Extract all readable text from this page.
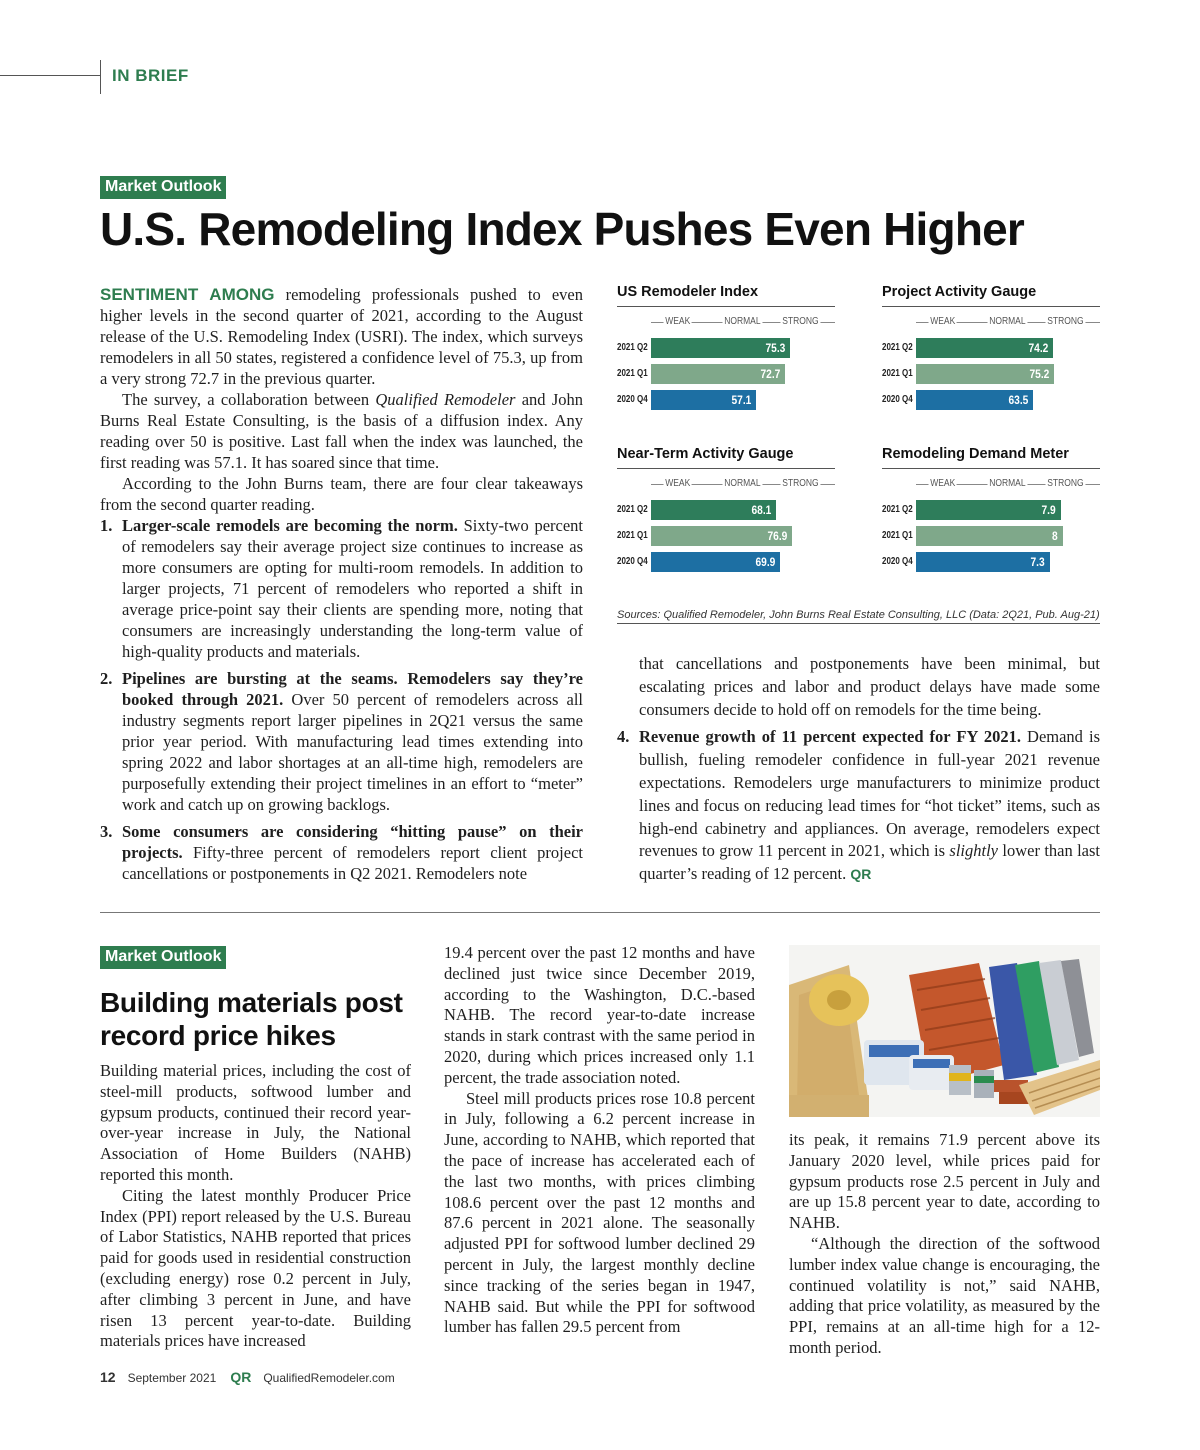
IN BRIEF
Market Outlook
U.S. Remodeling Index Pushes Even Higher

SENTIMENT AMONG remodeling professionals pushed to even higher levels in the second quarter of 2021, according to the August release of the U.S. Remodeling Index (USRI). The index, which surveys remodelers in all 50 states, registered a confidence level of 75.3, up from a very strong 72.7 in the previous quarter.

The survey, a collaboration between Qualified Remodeler and John Burns Real Estate Consulting, is the basis of a diffusion index. Any reading over 50 is positive. Last fall when the index was launched, the first reading was 57.1. It has soared since that time.

According to the John Burns team, there are four clear takeaways from the second quarter reading.

1. Larger-scale remodels are becoming the norm. Sixty-two percent of remodelers say their average project size continues to increase as more consumers are opting for multi-room remodels. In addition to larger projects, 71 percent of remodelers who reported a shift in average price-point say their clients are spending more, noting that consumers are increasingly understanding the long-term value of high-quality products and materials.
2. Pipelines are bursting at the seams. Remodelers say they’re booked through 2021. Over 50 percent of remodelers across all industry segments report larger pipelines in 2Q21 versus the same prior year period. With manufacturing lead times extending into spring 2022 and labor shortages at an all-time high, remodelers are purposefully extending their project timelines in an effort to “meter” work and catch up on growing backlogs.
3. Some consumers are considering “hitting pause” on their projects. Fifty-three percent of remodelers report client project cancellations or postponements in Q2 2021. Remodelers note
US Remodeler Index
WEAK	NORMAL STRONG
2021 Q2	75.3
2021 Q1	72.7
2020 Q4	57.1
Project Activity Gauge
WEAK	NORMAL STRONG
2021 Q2	74.2
2021 Q1	75.2
2020 Q4	63.5
Near-Term Activity Gauge
WEAK	NORMAL STRONG
2021 Q2	68.1
2021 Q1	76.9
2020 Q4	69.9
Remodeling Demand Meter
WEAK	NORMAL STRONG
2021 Q2	7.9
2021 Q1	8
2020 Q4	7.3
Sources: Qualified Remodeler, John Burns Real Estate Consulting, LLC (Data: 2Q21, Pub. Aug-21)
that cancellations and postponements have been minimal, but escalating prices and labor and product delays have made some consumers decide to hold off on remodels for the time being.
4. Revenue growth of 11 percent expected for FY 2021. Demand is bullish, fueling remodeler confidence in full-year 2021 revenue expectations. Remodelers urge manufacturers to minimize product lines and focus on reducing lead times for “hot ticket” items, such as high-end cabinetry and appliances. On average, remodelers expect revenues to grow 11 percent in 2021, which is slightly lower than last quarter’s reading of 12 percent. QR
Market Outlook
Building materials post record price hikes

Building material prices, including the cost of steel-mill products, softwood lumber and gypsum products, continued their record year-over-year increase in July, the National Association of Home Builders (NAHB) reported this month.

Citing the latest monthly Producer Price Index (PPI) report released by the U.S. Bureau of Labor Statistics, NAHB reported that prices paid for goods used in residential construction (excluding energy) rose 0.2 percent in July, after climbing 3 percent in June, and have risen 13 percent year-to-date. Building materials prices have increased

19.4 percent over the past 12 months and have declined just twice since December 2019, according to the Washington, D.C.-based NAHB. The record year-to-date increase stands in stark contrast with the same period in 2020, during which prices increased only 1.1 percent, the trade association noted.

Steel mill products prices rose 10.8 percent in July, following a 6.2 percent increase in June, according to NAHB, which reported that the pace of increase has accelerated each of the last two months, with prices climbing 108.6 percent over the past 12 months and 87.6 percent in 2021 alone. The seasonally adjusted PPI for softwood lumber declined 29 percent in July, the largest monthly decline since tracking of the series began in 1947, NAHB said. But while the PPI for softwood lumber has fallen 29.5 percent from

its peak, it remains 71.9 percent above its January 2020 level, while prices paid for gypsum products rose 2.5 percent in July and are up 15.8 percent year to date, according to NAHB.

“Although the direction of the softwood lumber index value change is encouraging, the continued volatility is not,” said NAHB, adding that price volatility, as measured by the PPI, remains at an all-time high for a 12-month period.

12 September 2021 QR QualifiedRemodeler.com
